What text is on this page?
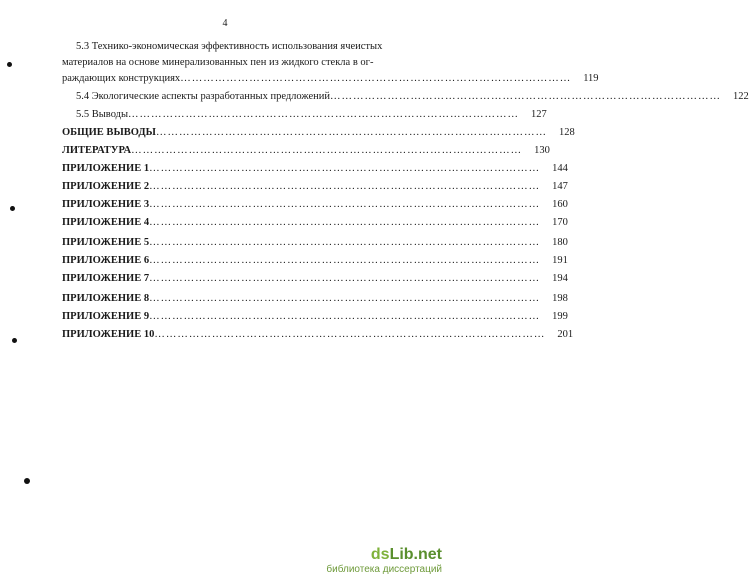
4
5.3 Технико-экономическая эффективность использования ячеистых
материалов на основе минерализованных пен из жидкого стекла в ог-
раждающих конструкциях …………………………………………………………………………………………	119
5.4 Экологические аспекты разработанных предложений …………………………………………………………………………………………	122
5.5 Выводы …………………………………………………………………………………………	127
ОБЩИЕ ВЫВОДЫ …………………………………………………………………………………………	128
ЛИТЕРАТУРА …………………………………………………………………………………………	130
ПРИЛОЖЕНИЕ 1 …………………………………………………………………………………………	144
ПРИЛОЖЕНИЕ 2 …………………………………………………………………………………………	147
ПРИЛОЖЕНИЕ 3 …………………………………………………………………………………………	160
ПРИЛОЖЕНИЕ 4 …………………………………………………………………………………………	170
ПРИЛОЖЕНИЕ 5 …………………………………………………………………………………………	180
ПРИЛОЖЕНИЕ 6 …………………………………………………………………………………………	191
ПРИЛОЖЕНИЕ 7 …………………………………………………………………………………………	194
ПРИЛОЖЕНИЕ 8 …………………………………………………………………………………………	198
ПРИЛОЖЕНИЕ 9 …………………………………………………………………………………………	199
ПРИЛОЖЕНИЕ 10 …………………………………………………………………………………………	201
dsLib.net
библиотека диссертаций
